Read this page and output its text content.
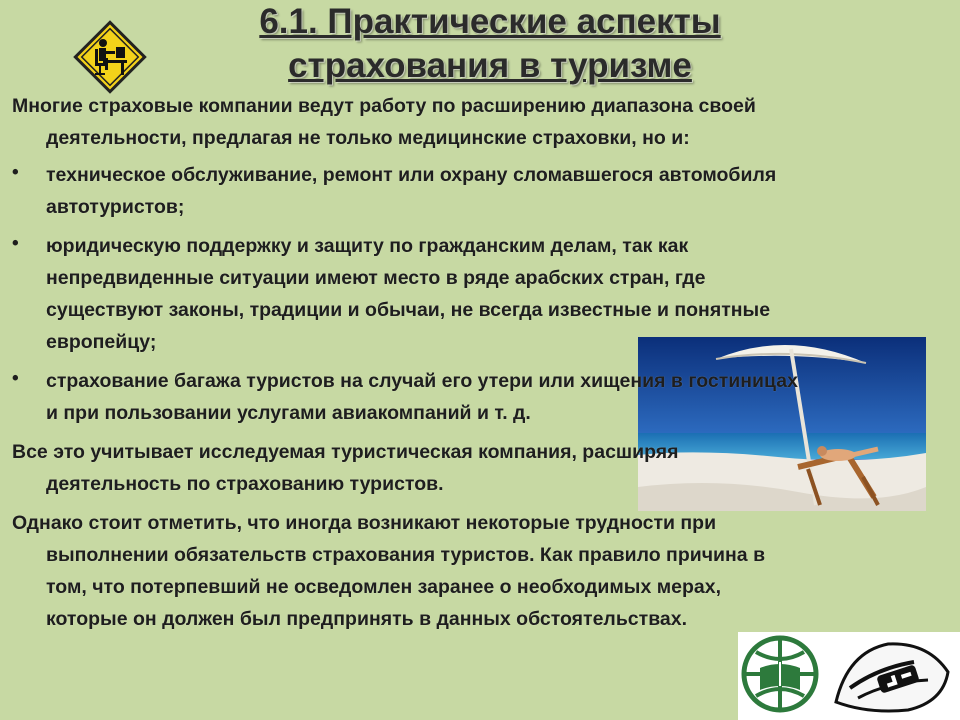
6.1. Практические аспекты
страхования в туризме
Многие страховые компании ведут работу по расширению диапазона своей
деятельности, предлагая не только медицинские страховки, но и:
• техническое обслуживание, ремонт или охрану сломавшегося автомобиля
автотуристов;
• юридическую поддержку и защиту по гражданским делам, так как
непредвиденные ситуации имеют место в ряде арабских стран, где
существуют законы, традиции и обычаи, не всегда известные и понятные
европейцу;
• страхование багажа туристов на случай его утери или хищения в гостиницах
и при пользовании услугами авиакомпаний и т. д.
Все это учитывает исследуемая туристическая компания, расширяя
деятельность по страхованию туристов.
Однако стоит отметить, что иногда возникают некоторые трудности при
выполнении обязательств страхования туристов. Как правило причина в
том, что потерпевший не осведомлен заранее о необходимых мерах,
которые он должен был предпринять в данных обстоятельствах.
